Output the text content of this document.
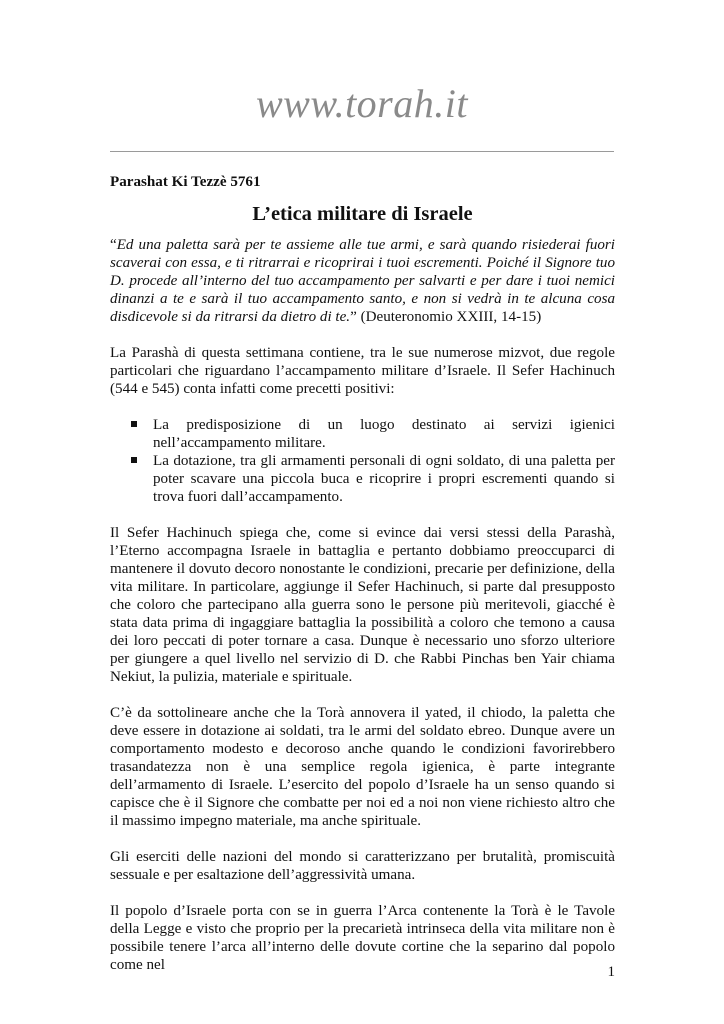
www.torah.it

Parashat Ki Tezzè 5761

L’etica militare di Israele

“Ed una paletta sarà per te assieme alle tue armi, e sarà quando risiederai fuori scaverai con essa, e ti ritrarrai e ricoprirai i tuoi escrementi. Poiché il Signore tuo D. procede all’interno del tuo accampamento per salvarti e per dare i tuoi nemici dinanzi a te e sarà il tuo accampamento santo, e non si vedrà in te alcuna cosa disdicevole si da ritrarsi da dietro di te.” (Deuteronomio XXIII, 14-15)

La Parashà di questa settimana contiene, tra le sue numerose mizvot, due regole particolari che riguardano l’accampamento militare d’Israele. Il Sefer Hachinuch (544 e 545) conta infatti come precetti positivi:

La predisposizione di un luogo destinato ai servizi igienici nell’accampamento militare.
La dotazione, tra gli armamenti personali di ogni soldato, di una paletta per poter scavare una piccola buca e ricoprire i propri escrementi quando si trova fuori dall’accampamento.

Il Sefer Hachinuch spiega che, come si evince dai versi stessi della Parashà, l’Eterno accompagna Israele in battaglia e pertanto dobbiamo preoccuparci di mantenere il dovuto decoro nonostante le condizioni, precarie per definizione, della vita militare. In particolare, aggiunge il Sefer Hachinuch, si parte dal presupposto che coloro che partecipano alla guerra sono le persone più meritevoli, giacché è stata data prima di ingaggiare battaglia la possibilità a coloro che temono a causa dei loro peccati di poter tornare a casa. Dunque è necessario uno sforzo ulteriore per giungere a quel livello nel servizio di D. che Rabbi Pinchas ben Yair chiama Nekiut, la pulizia, materiale e spirituale.

C’è da sottolineare anche che la Torà annovera il yated, il chiodo, la paletta che deve essere in dotazione ai soldati, tra le armi del soldato ebreo. Dunque avere un comportamento modesto e decoroso anche quando le condizioni favorirebbero trasandatezza non è una semplice regola igienica, è parte integrante dell’armamento di Israele. L’esercito del popolo d’Israele ha un senso quando si capisce che è il Signore che combatte per noi ed a noi non viene richiesto altro che il massimo impegno materiale, ma anche spirituale.

Gli eserciti delle nazioni del mondo si caratterizzano per brutalità, promiscuità sessuale e per esaltazione dell’aggressività umana.

Il popolo d’Israele porta con se in guerra l’Arca contenente la Torà è le Tavole della Legge e visto che proprio per la precarietà intrinseca della vita militare non è possibile tenere l’arca all’interno delle dovute cortine che la separino dal popolo come nel	1
